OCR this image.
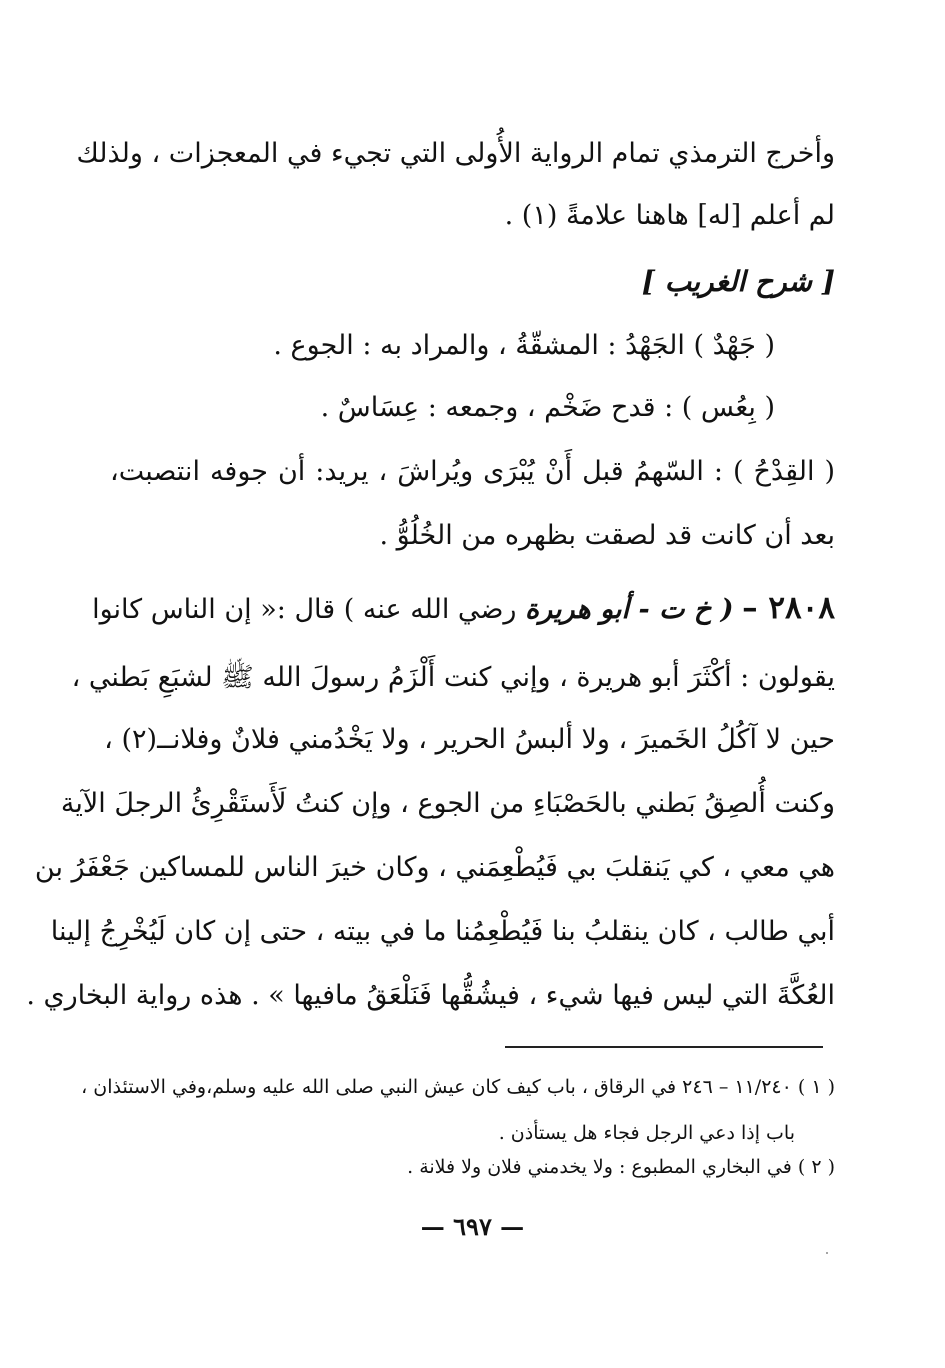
وأخرج الترمذي تمام الرواية الأُولى التي تجيء في المعجزات ، ولذلك
لم أعلم [له] هاهنا علامةً (١) .
[ شرح الغريب ]
( جَهْدٌ ) الجَهْدُ : المشقّةُ ، والمراد به : الجوع .
( بِعُس ) : قدح ضَخْم ، وجمعه : عِسَاسٌ .
( القِدْحُ ) : السّهمُ قبل أَنْ يُبْرَى ويُراشَ ، يريد: أن جوفه انتصبت،
بعد أن كانت قد لصقت بظهره من الخُلُوُّ .
٢٨٠٨ – ( خ ت - أبو هريرة رضي الله عنه ) قال :« إن الناس كانوا
يقولون : أكْثَرَ أبو هريرة ، وإني كنت أَلْزَمُ رسولَ الله ﷺ لشبَعِ بَطني ،
حين لا آكُلُ الخَميرَ ، ولا ألبسُ الحرير ، ولا يَخْدُمني فلانٌ وفلانــ(٢) ،
وكنت أُلصِقُ بَطني بالحَصْبَاءِ من الجوع ، وإن كنتُ لَأَستَقْرِئُ الرجلَ الآية
هي معي ، كي يَنقلبَ بي فَيُطْعِمَني ، وكان خيرَ الناس للمساكين جَعْفَرُ بن
أبي طالب ، كان ينقلبُ بنا فَيُطْعِمُنا ما في بيته ، حتى إن كان لَيُخْرِجُ إلينا
العُكَّةَ التي ليس فيها شيء ، فيشُقُّها فَنَلْعَقُ مافيها » . هذه رواية البخاري .
( ١ ) ١١/٢٤٠ – ٢٤٦ في الرقاق ، باب كيف كان عيش النبي صلى الله عليه وسلم،وفي الاستئذان ،
باب إذا دعي الرجل فجاء هل يستأذن .
( ٢ ) في البخاري المطبوع : ولا يخدمني فلان ولا فلانة .
— ٦٩٧ —
